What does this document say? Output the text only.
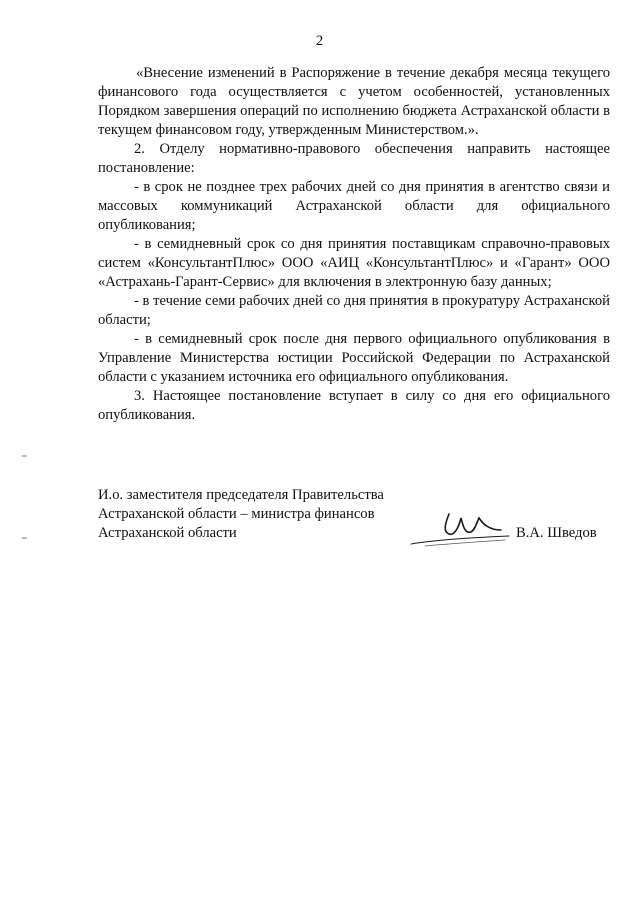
2

«Внесение изменений в Распоряжение в течение декабря месяца текущего финансового года осуществляется с учетом особенностей, установленных Порядком завершения операций по исполнению бюджета Астраханской области в текущем финансовом году, утвержденным Министерством.».

2. Отделу нормативно-правового обеспечения направить настоящее постановление:

- в срок не позднее трех рабочих дней со дня принятия в агентство связи и массовых коммуникаций Астраханской области для официального опубликования;

- в семидневный срок со дня принятия поставщикам справочно-правовых систем «КонсультантПлюс» ООО «АИЦ «КонсультантПлюс» и «Гарант» ООО «Астрахань-Гарант-Сервис» для включения в электронную базу данных;

- в течение семи рабочих дней со дня принятия в прокуратуру Астраханской области;

- в семидневный срок после дня первого официального опубликования в Управление Министерства юстиции Российской Федерации по Астраханской области с указанием источника его официального опубликования.

3. Настоящее постановление вступает в силу со дня его официального опубликования.

И.о. заместителя председателя Правительства
Астраханской области – министра финансов
Астраханской области	В.А. Шведов
